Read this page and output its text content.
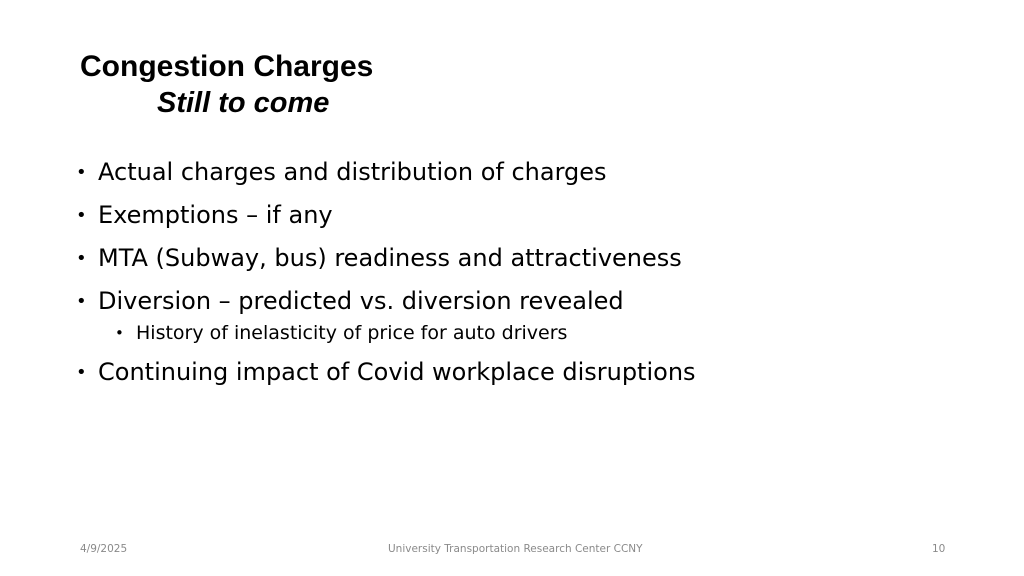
Congestion Charges
Still to come
• Actual charges and distribution of charges
• Exemptions – if any
• MTA (Subway, bus) readiness and attractiveness
• Diversion – predicted vs. diversion revealed
• History of inelasticity of price for auto drivers
• Continuing impact of Covid workplace disruptions
4/9/2025	University Transportation Research Center CCNY	10
